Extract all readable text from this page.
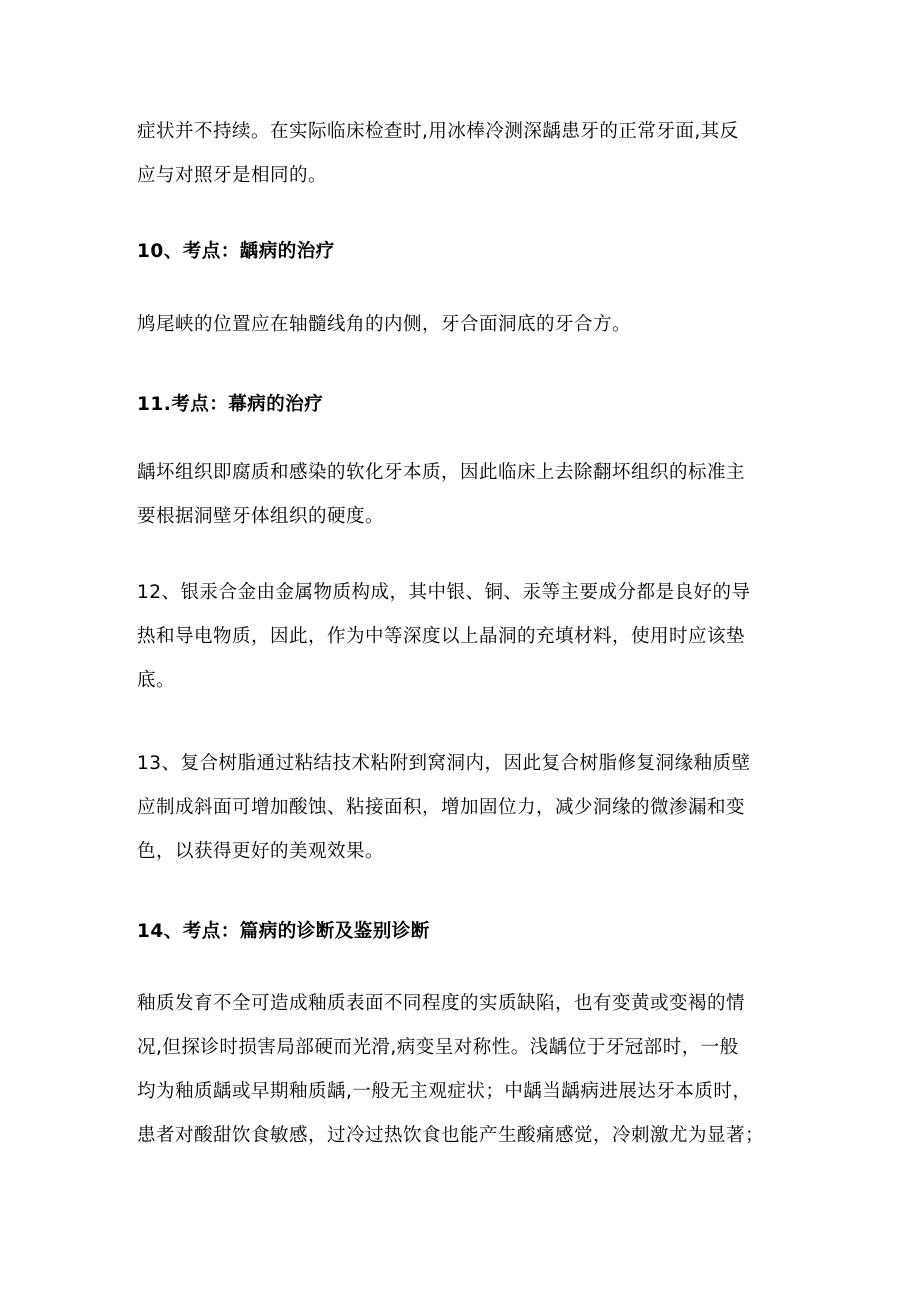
症状并不持续。在实际临床检查时,用冰棒冷测深龋患牙的正常牙面,其反
应与对照牙是相同的。

10、考点：龋病的治疗

鸠尾峡的位置应在轴髓线角的内侧，牙合面洞底的牙合方。

11.考点：幕病的治疗

龋坏组织即腐质和感染的软化牙本质，因此临床上去除翻坏组织的标准主
要根据洞壁牙体组织的硬度。

12、银汞合金由金属物质构成，其中银、铜、汞等主要成分都是良好的导
热和导电物质，因此，作为中等深度以上晶洞的充填材料，使用时应该垫
底。

13、复合树脂通过粘结技术粘附到窝洞内，因此复合树脂修复洞缘釉质壁
应制成斜面可增加酸蚀、粘接面积，增加固位力，减少洞缘的微渗漏和变
色，以获得更好的美观效果。

14、考点：篇病的诊断及鉴别诊断

釉质发育不全可造成釉质表面不同程度的实质缺陷，也有变黄或变褐的情
况,但探诊时损害局部硬而光滑,病变呈对称性。浅龋位于牙冠部时，一般
均为釉质龋或早期釉质龋,一般无主观症状；中龋当龋病进展达牙本质时，
患者对酸甜饮食敏感，过冷过热饮食也能产生酸痛感觉，冷刺激尤为显著；
